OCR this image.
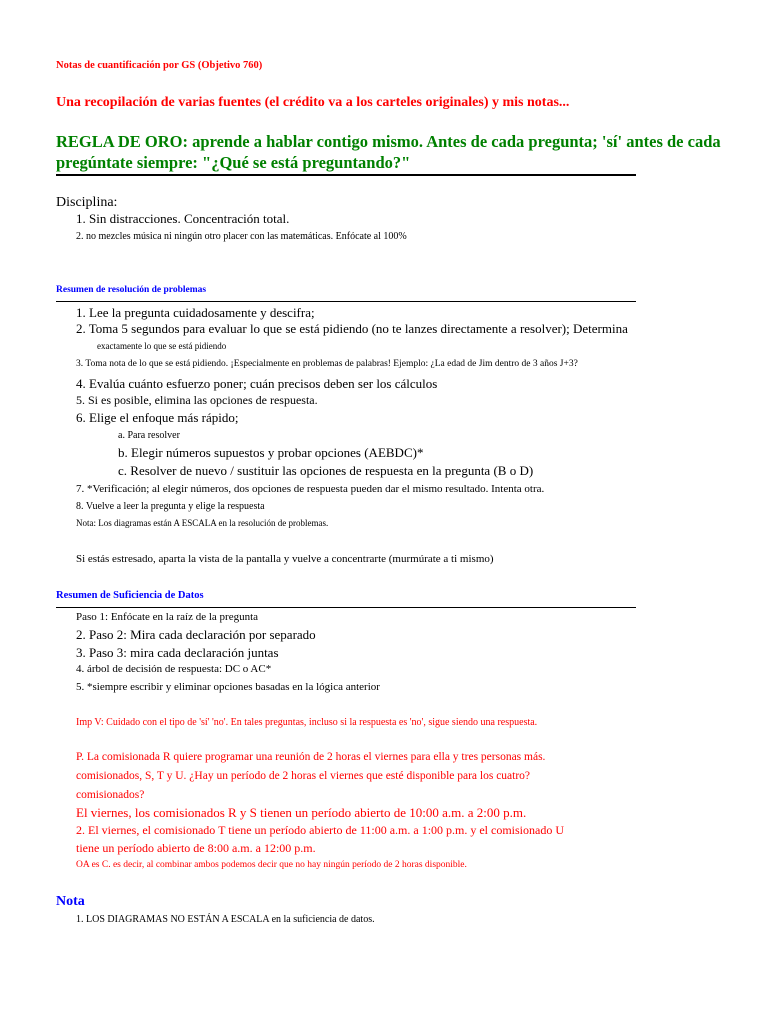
Notas de cuantificación por GS (Objetivo 760)
Una recopilación de varias fuentes (el crédito va a los carteles originales) y mis notas...
REGLA DE ORO: aprende a hablar contigo mismo. Antes de cada pregunta; 'sí' antes de cada
pregúntate siempre: "¿Qué se está preguntando?"
Disciplina:
1. Sin distracciones. Concentración total.
2. no mezcles música ni ningún otro placer con las matemáticas. Enfócate al 100%
Resumen de resolución de problemas
1. Lee la pregunta cuidadosamente y descifra;
2. Toma 5 segundos para evaluar lo que se está pidiendo (no te lanzes directamente a resolver); Determina
exactamente lo que se está pidiendo
3. Toma nota de lo que se está pidiendo. ¡Especialmente en problemas de palabras! Ejemplo: ¿La edad de Jim dentro de 3 años J+3?
4. Evalúa cuánto esfuerzo poner; cuán precisos deben ser los cálculos
5. Si es posible, elimina las opciones de respuesta.
6. Elige el enfoque más rápido;
a. Para resolver
b. Elegir números supuestos y probar opciones (AEBDC)*
c. Resolver de nuevo / sustituir las opciones de respuesta en la pregunta (B o D)
7. *Verificación; al elegir números, dos opciones de respuesta pueden dar el mismo resultado. Intenta otra.
8. Vuelve a leer la pregunta y elige la respuesta
Nota: Los diagramas están A ESCALA en la resolución de problemas.
Si estás estresado, aparta la vista de la pantalla y vuelve a concentrarte (murmúrate a ti mismo)
Resumen de Suficiencia de Datos
Paso 1: Enfócate en la raíz de la pregunta
2. Paso 2: Mira cada declaración por separado
3. Paso 3: mira cada declaración juntas
4. árbol de decisión de respuesta: DC o AC*
5. *siempre escribir y eliminar opciones basadas en la lógica anterior
Imp V: Cuidado con el tipo de 'sí' 'no'. En tales preguntas, incluso si la respuesta es 'no', sigue siendo una respuesta.
P. La comisionada R quiere programar una reunión de 2 horas el viernes para ella y tres personas más.
comisionados, S, T y U. ¿Hay un período de 2 horas el viernes que esté disponible para los cuatro?
comisionados?
El viernes, los comisionados R y S tienen un período abierto de 10:00 a.m. a 2:00 p.m.
2. El viernes, el comisionado T tiene un período abierto de 11:00 a.m. a 1:00 p.m. y el comisionado U
tiene un período abierto de 8:00 a.m. a 12:00 p.m.
OA es C. es decir, al combinar ambos podemos decir que no hay ningún período de 2 horas disponible.
Nota
1. LOS DIAGRAMAS NO ESTÁN A ESCALA en la suficiencia de datos.
